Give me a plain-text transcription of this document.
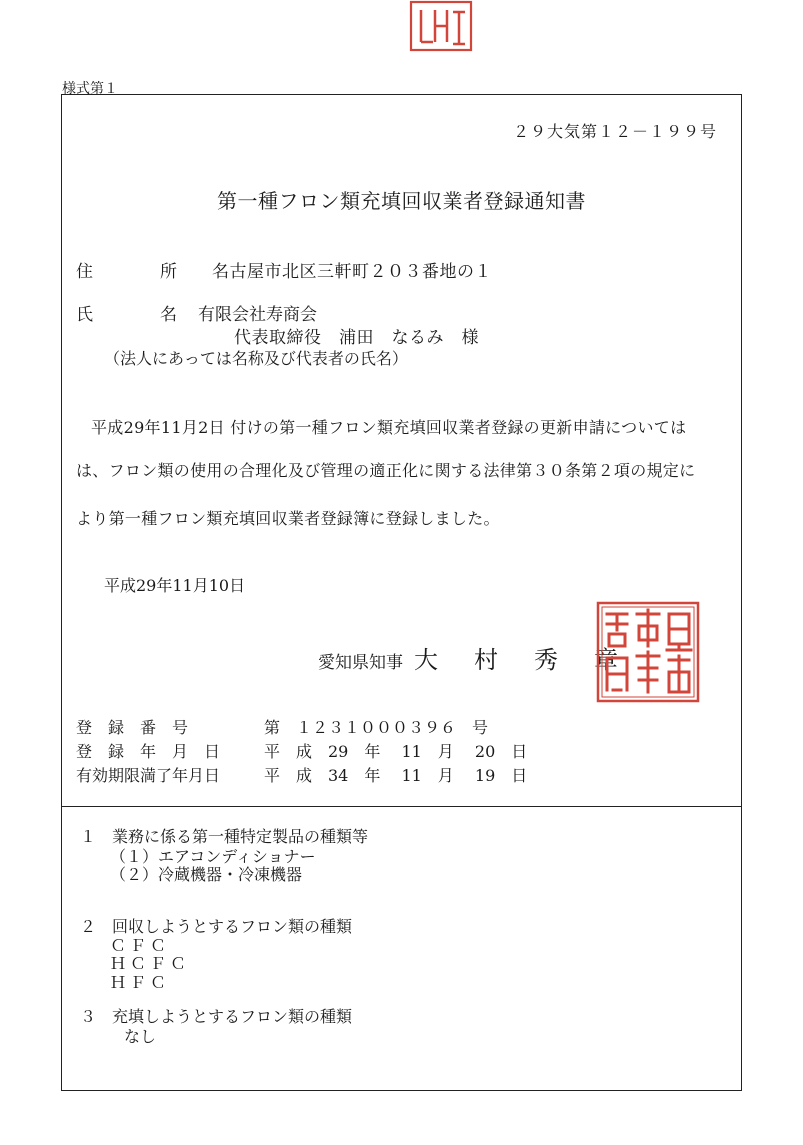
様式第１
２９大気第１２－１９９号
第一種フロン類充填回収業者登録通知書
住	所 名古屋市北区三軒町２０３番地の１
氏	名 有限会社寿商会
代表取締役　浦田　なるみ　様
（法人にあっては名称及び代表者の氏名）
平成29年11月2日 付けの第一種フロン類充填回収業者登録の更新申請については
は、フロン類の使用の合理化及び管理の適正化に関する法律第３０条第２項の規定に
より第一種フロン類充填回収業者登録簿に登録しました。
平成29年11月10日
愛知県知事 大 村 秀 章
登　録　番　号	第　１２３１０００３９６　号
登　録　年　月　日	平　成　29　年　 11　月　 20　日
有効期限満了年月日	平　成　34　年　 11　月　 19　日
１　業務に係る第一種特定製品の種類等
（１）エアコンディショナー
（２）冷蔵機器・冷凍機器
２　回収しようとするフロン類の種類
ＣＦＣ
ＨＣＦＣ
ＨＦＣ
３　充填しようとするフロン類の種類
なし
